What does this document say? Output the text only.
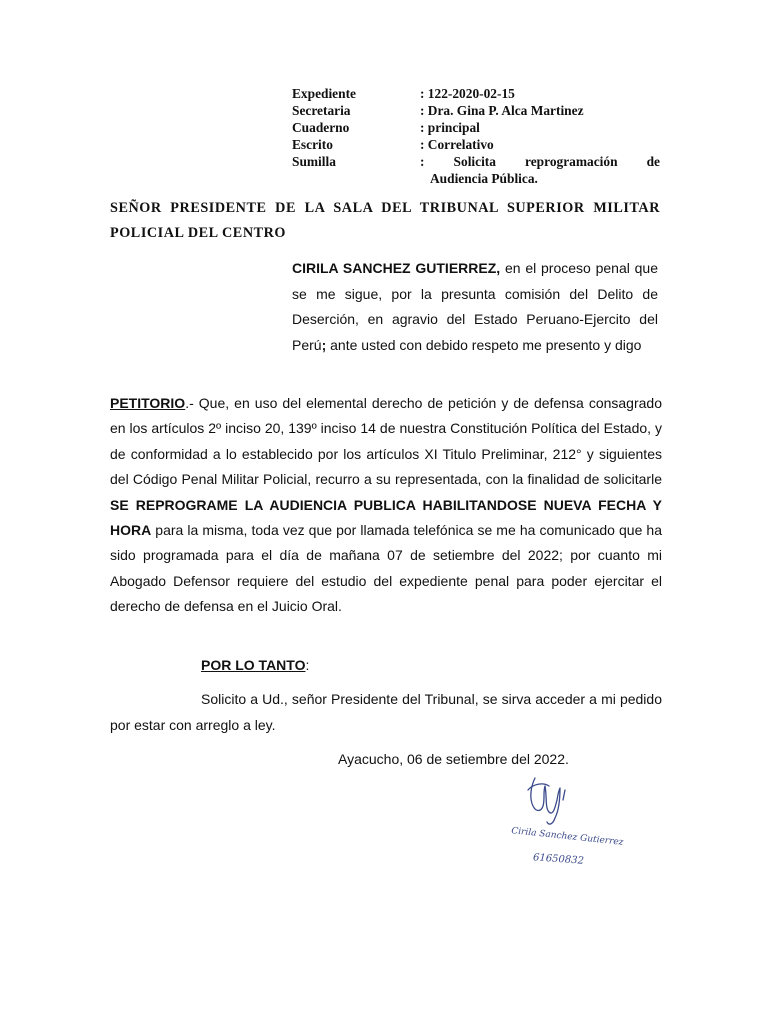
Expediente	: 122-2020-02-15
Secretaria	: Dra. Gina P. Alca Martinez
Cuaderno	: principal
Escrito	: Correlativo
Sumilla	: Solicita reprogramación de
Audiencia Pública.
SEÑOR PRESIDENTE DE LA SALA DEL TRIBUNAL SUPERIOR MILITAR
POLICIAL DEL CENTRO
CIRILA SANCHEZ GUTIERREZ, en el proceso penal que se me sigue, por la presunta comisión del Delito de Deserción, en agravio del Estado Peruano-Ejercito del Perú; ante usted con debido respeto me presento y digo
PETITORIO.- Que, en uso del elemental derecho de petición y de defensa consagrado en los artículos 2º inciso 20, 139º inciso 14 de nuestra Constitución Política del Estado, y de conformidad a lo establecido por los artículos XI Titulo Preliminar, 212° y siguientes del Código Penal Militar Policial, recurro a su representada, con la finalidad de solicitarle SE REPROGRAME LA AUDIENCIA PUBLICA HABILITANDOSE NUEVA FECHA Y HORA para la misma, toda vez que por llamada telefónica se me ha comunicado que ha sido programada para el día de mañana 07 de setiembre del 2022; por cuanto mi Abogado Defensor requiere del estudio del expediente penal para poder ejercitar el derecho de defensa en el Juicio Oral.
POR LO TANTO:
Solicito a Ud., señor Presidente del Tribunal, se sirva acceder a mi pedido por estar con arreglo a ley.
Ayacucho, 06 de setiembre del 2022.
Cirila Sanchez Gutierrez
61650832
